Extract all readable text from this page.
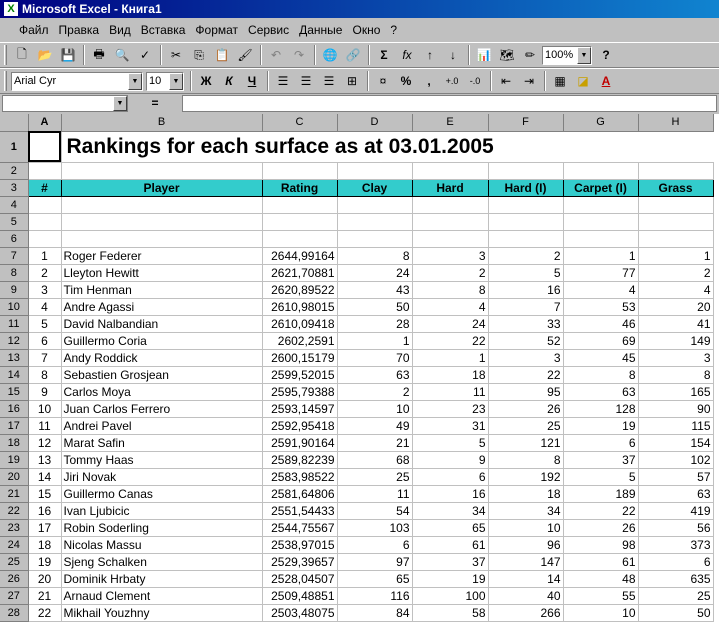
X Microsoft Excel - Книга1
Файл Правка Вид Вставка Формат Сервис Данные Окно ?
🗋 📂 💾	🖶 🔍 ✓	✂	⎘ 📋 🖌	↶	↷	🌐 🔗	Σ	fx	↑	↓	📊 🗺 ✏ 100%	▼	?
Arial Cyr	▼ 10	▼	Ж	К	Ч	☰	☰	☰	⊞	¤	%	,	+.0	-.0	⇤	⇥	▦ ◪	A
▼	=
	A	B	C	D	E	F	G	H
1		Rankings for each surface as at 03.01.2005						
2								
3	#	Player	Rating	Clay	Hard	Hard (I)	Carpet (I)	Grass
4								
5								
6								
7	1	Roger Federer	2644,99164	8	3	2	1	1
8	2	Lleyton Hewitt	2621,70881	24	2	5	77	2
9	3	Tim Henman	2620,89522	43	8	16	4	4
10	4	Andre Agassi	2610,98015	50	4	7	53	20
11	5	David Nalbandian	2610,09418	28	24	33	46	41
12	6	Guillermo Coria	2602,2591	1	22	52	69	149
13	7	Andy Roddick	2600,15179	70	1	3	45	3
14	8	Sebastien Grosjean	2599,52015	63	18	22	8	8
15	9	Carlos Moya	2595,79388	2	11	95	63	165
16	10	Juan Carlos Ferrero	2593,14597	10	23	26	128	90
17	11	Andrei Pavel	2592,95418	49	31	25	19	115
18	12	Marat Safin	2591,90164	21	5	121	6	154
19	13	Tommy Haas	2589,82239	68	9	8	37	102
20	14	Jiri Novak	2583,98522	25	6	192	5	57
21	15	Guillermo Canas	2581,64806	11	16	18	189	63
22	16	Ivan Ljubicic	2551,54433	54	34	34	22	419
23	17	Robin Soderling	2544,75567	103	65	10	26	56
24	18	Nicolas Massu	2538,97015	6	61	96	98	373
25	19	Sjeng Schalken	2529,39657	97	37	147	61	6
26	20	Dominik Hrbaty	2528,04507	65	19	14	48	635
27	21	Arnaud Clement	2509,48851	116	100	40	55	25
28	22	Mikhail Youzhny	2503,48075	84	58	266	10	50
